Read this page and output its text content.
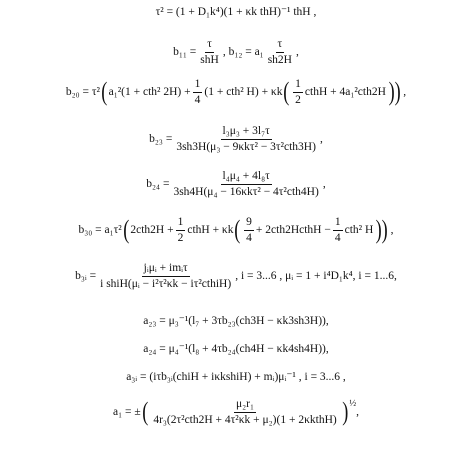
τ² = (1 + D₁k⁴)(1 + κk thH)⁻¹ thH ,
$b_{11} = \frac{\tau}{\text{shH}}$ , $b_{12} = a_1 \frac{\tau}{sh2H}$ ,
b₂₀ = τ² ( a₁²(1 + cth² $2H) + \frac{1}{4} (1 + cth^2$ H) + κk ( $\frac{1}{2}$ cthH + 4a₁²cth2H )) ,
$b_{23} = \frac{\text{l₃μ₃ + 3l₇τ}}{\text{3sh3H(μ₃ − 9κkτ² − 3τ²cth3H)}}$ ,
$b_{24} = \frac{\text{l₄μ₄ + 4l₈τ}}{\text{3sh4H(μ₄ − 16κkτ² − 4τ²cth4H)}}$ ,
b₃₀ = a₁τ² ( $2cth2H + \frac{1}{2}$ cthH + κk ( $\frac{9}{4}$ + 2cth2HcthH − $\frac{1}{4} cth^2$ H )) ,
b₃ᵢ = $\frac{\text{jᵢμᵢ + imᵢτ}}{\text{i shiH(μᵢ − i²τ²κk − iτ²cthiH)}}$ , i = 3...6 , μᵢ = 1 + i⁴D₁k⁴, i = 1...6,
a₂₃ = μ₃⁻¹(l₇ + 3τb₂₃(ch3H − κk3sh3H)),
a₂₄ = μ₄⁻¹(l₈ + 4τb₂₄(ch4H − κk4sh4H)),
a₃ᵢ = (iτb₃ᵢ(chiH + iκkshiH) + mᵢ)μᵢ⁻¹ , i = 3...6 ,
a₁ = ± ( $\frac{\text{μ₂r₁}}{\text{4r₃(2τ²cth2H + 4τ²κk + μ₂)(1 + 2κkthH)}}$ ) ½
,
